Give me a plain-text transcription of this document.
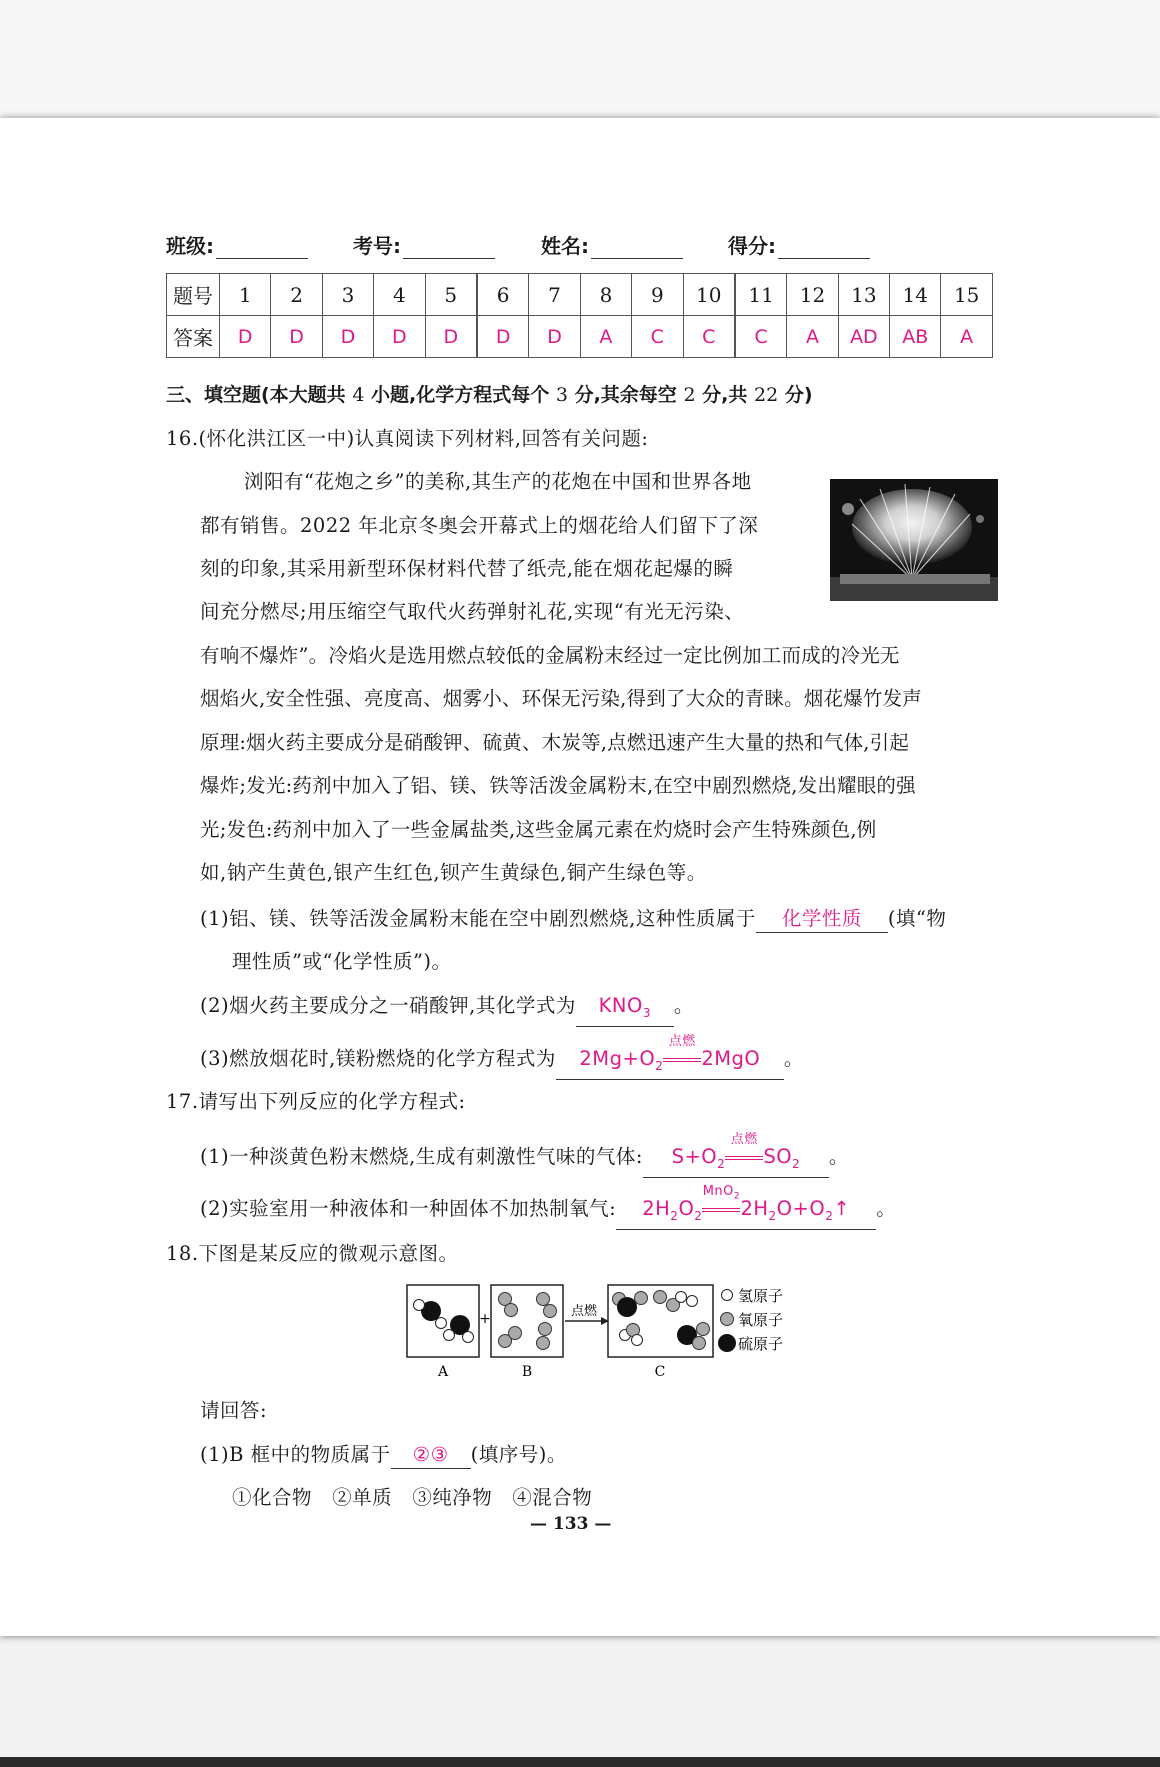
班级:	考号:	姓名:	得分:
题号	1	2	3	4	5	6	7	8	9	10	11	12	13	14	15
答案	D	D	D	D	D	D	D	A	C	C	C	A	AD	AB	A
三、填空题(本大题共 4 小题,化学方程式每个 3 分,其余每空 2 分,共 22 分)
16.(怀化洪江区一中)认真阅读下列材料,回答有关问题:
浏阳有“花炮之乡”的美称,其生产的花炮在中国和世界各地
都有销售。2022 年北京冬奥会开幕式上的烟花给人们留下了深
刻的印象,其采用新型环保材料代替了纸壳,能在烟花起爆的瞬
间充分燃尽;用压缩空气取代火药弹射礼花,实现“有光无污染、
有响不爆炸”。冷焰火是选用燃点较低的金属粉末经过一定比例加工而成的冷光无
烟焰火,安全性强、亮度高、烟雾小、环保无污染,得到了大众的青睐。烟花爆竹发声
原理:烟火药主要成分是硝酸钾、硫黄、木炭等,点燃迅速产生大量的热和气体,引起
爆炸;发光:药剂中加入了铝、镁、铁等活泼金属粉末,在空中剧烈燃烧,发出耀眼的强
光;发色:药剂中加入了一些金属盐类,这些金属元素在灼烧时会产生特殊颜色,例
如,钠产生黄色,银产生红色,钡产生黄绿色,铜产生绿色等。
(1)铝、镁、铁等活泼金属粉末能在空中剧烈燃烧,这种性质属于 化学性质 (填“物
理性质”或“化学性质”)。
(2)烟火药主要成分之一硝酸钾,其化学式为 $KNO_3$ 。
(3)燃放烟花时,镁粉燃烧的化学方程式为 $2Mg+O_2$
点燃
2MgO 。
17.请写出下列反应的化学方程式:
(1)一种淡黄色粉末燃烧,生成有刺激性气味的气体: $S+O_2$
点燃
$SO_2$ 。
(2)实验室用一种液体和一种固体不加热制氧气: $2H_2O_2$
MnO$_2$
$2H_2O+O_2↑$ 。
18.下图是某反应的微观示意图。
A
+
B
点燃
C
氢原子
氧原子
硫原子
请回答:
(1)B 框中的物质属于 ②③ (填序号)。
①化合物   ②单质   ③纯净物   ④混合物
— 133 —
